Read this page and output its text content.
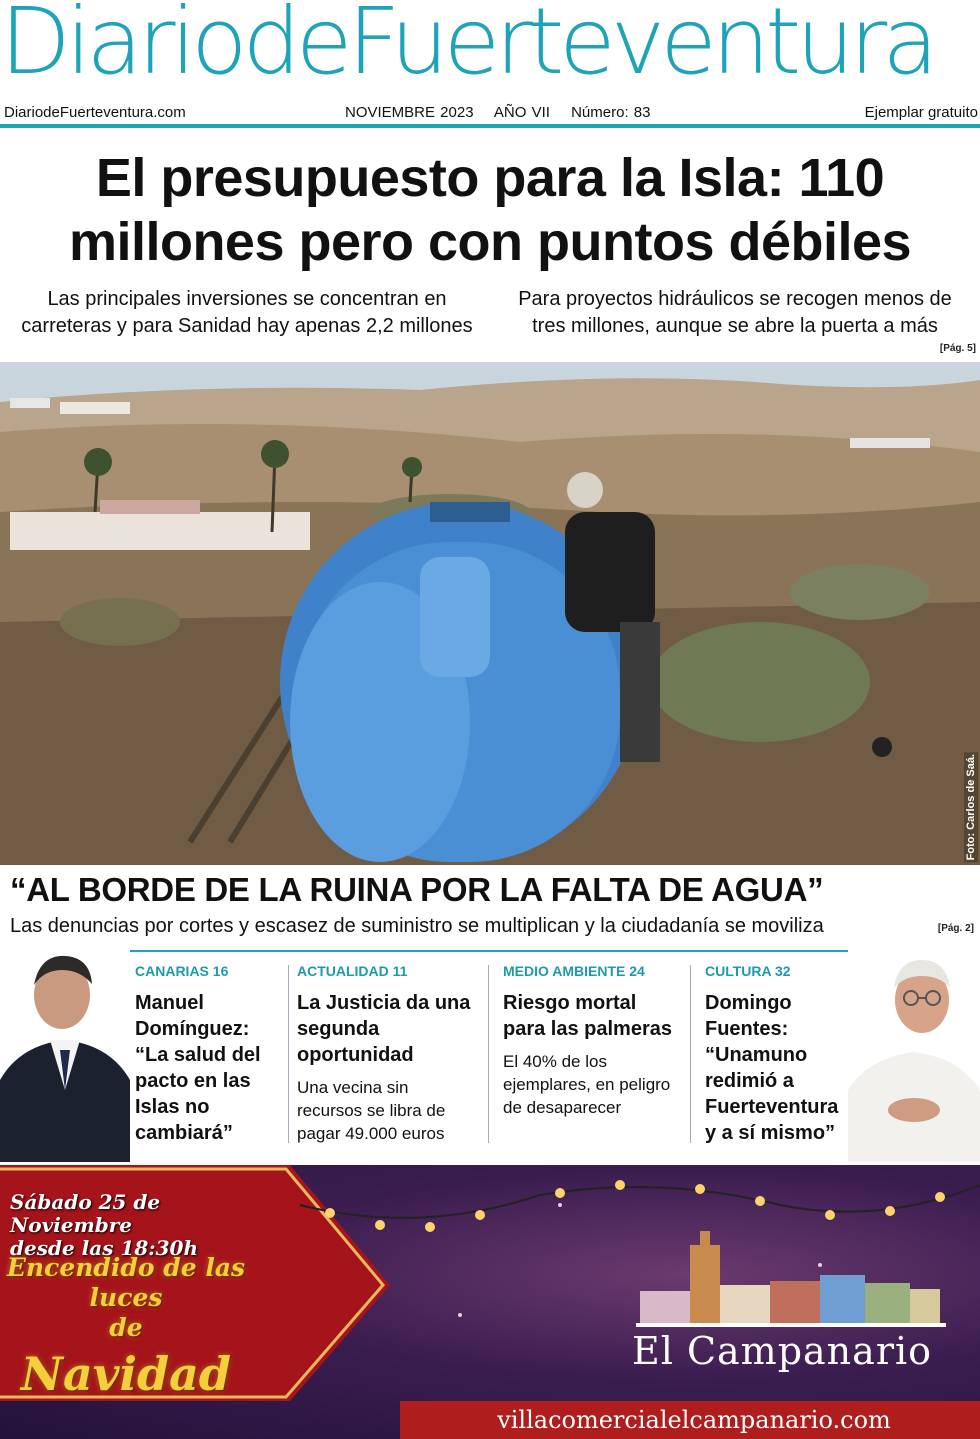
DiariodeFuerteventura
DiariodeFuerteventura.com	NOVIEMBRE 2023 AÑO VII Número: 83	Ejemplar gratuito
El presupuesto para la Isla: 110 millones pero con puntos débiles
Las principales inversiones se concentran en carreteras y para Sanidad hay apenas 2,2 millones
Para proyectos hidráulicos se recogen menos de tres millones, aunque se abre la puerta a más
[Pág. 5]
Foto: Carlos de Saá.
“AL BORDE DE LA RUINA POR LA FALTA DE AGUA”
Las denuncias por cortes y escasez de suministro se multiplican y la ciudadanía se moviliza	[Pág. 2]
CANARIAS 16
Manuel Domínguez: “La salud del pacto en las Islas no cambiará”
ACTUALIDAD 11
La Justicia da una segunda oportunidad
Una vecina sin recursos se libra de pagar 49.000 euros
MEDIO AMBIENTE 24
Riesgo mortal para las palmeras
El 40% de los ejemplares, en peligro de desaparecer
CULTURA 32
Domingo Fuentes: “Unamuno redimió a Fuerteventura y a sí mismo”
Sábado 25 de Noviembre
desde las 18:30h
Encendido de las luces
de
Navidad	El Campanario
villacomercialelcampanario.com
